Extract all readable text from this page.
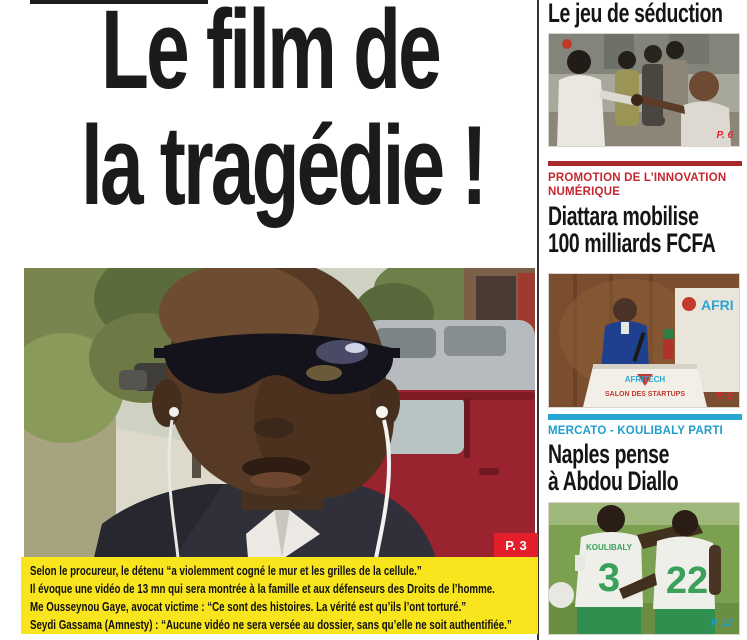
Le film de
la tragédie !
P. 3

Selon le procureur, le détenu “a violemment cogné le mur et les grilles de la cellule.”

Il évoque une vidéo de 13 mn qui sera montrée à la famille et aux défenseurs des Droits de l’homme.

Me Ousseynou Gaye, avocat victime : “Ce sont des histoires. La vérité est qu’ils l’ont torturé.”

Seydi Gassama (Amnesty) : “Aucune vidéo ne sera versée au dossier, sans qu’elle ne soit authentifiée.”

Le jeu de séduction
P. 6
PROMOTION DE L’INNOVATION NUMÉRIQUE
Diattara mobilise
100 milliards FCFA
AFRI
AFRITECH
SALON DES STARTUPS	P. 5
MERCATO - KOULIBALY PARTI
Naples pense
à Abdou Diallo
KOULIBALY
3 22
P. 12
